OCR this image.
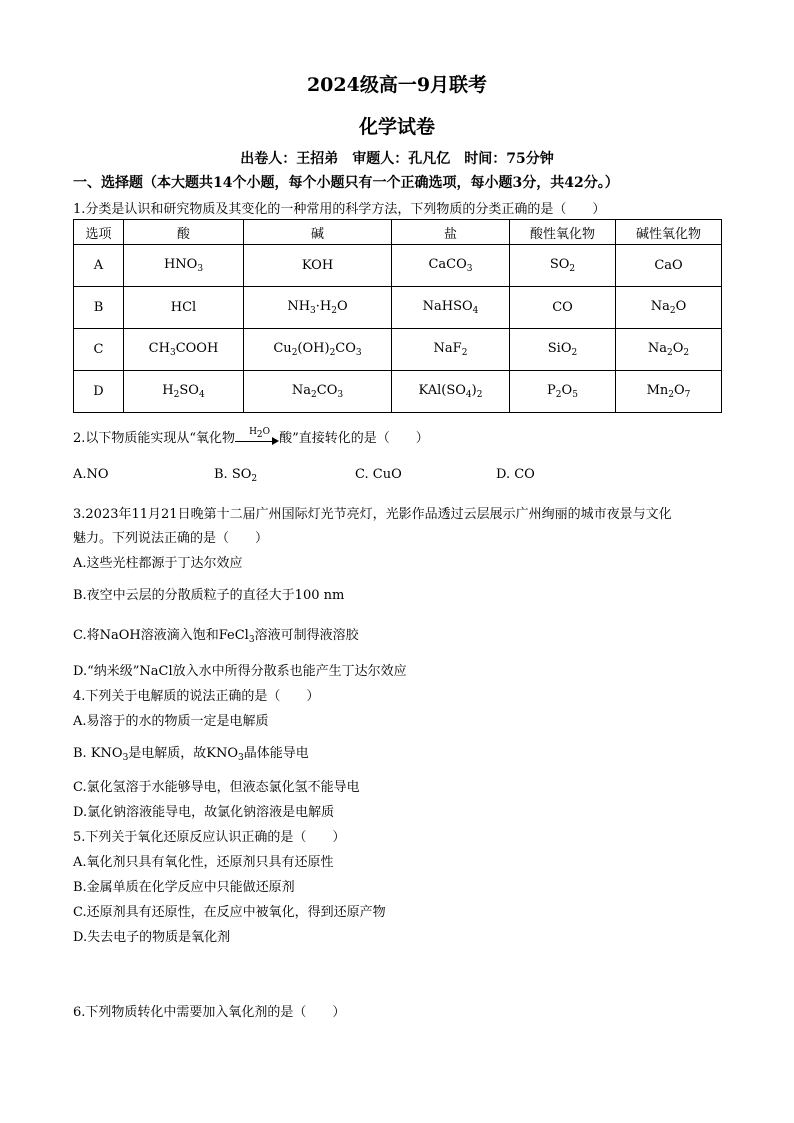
2024级高一9月联考
化学试卷
出卷人：王招弟　审题人：孔凡亿　时间：75分钟
一、选择题（本大题共14个小题，每个小题只有一个正确选项，每小题3分，共42分。）
1.分类是认识和研究物质及其变化的一种常用的科学方法，下列物质的分类正确的是（　　）
选项	酸	碱	盐	酸性氧化物	碱性氧化物
A	$HNO_3$	KOH	CaCO$_3$	$SO_2$	CaO
B	HCl	$NH_3\cdot H_2O$	NaHSO$_4$	CO	$Na_2O$
C	$CH_3COOH$	$Cu_2(OH)_2CO_3$	NaF$_2$	SiO$_2$	$Na_2O_2$
D	$H_2SO_4$	$Na_2CO_3$	$KAl(SO_4)_2$	$P_2O_5$	$Mn_2O_7$
2.以下物质能实现从“氧化物 H2O 酸”直接转化的是（　　）
A.NO	B. $SO_2$	C. CuO	D. CO
3.2023年11月21日晚第十二届广州国际灯光节亮灯，光影作品透过云层展示广州绚丽的城市夜景与文化
魅力。下列说法正确的是（　　）
A.这些光柱都源于丁达尔效应
B.夜空中云层的分散质粒子的直径大于100 nm
C.将NaOH溶液滴入饱和FeCl$_3$溶液可制得液溶胶
D.“纳米级”NaCl放入水中所得分散系也能产生丁达尔效应
4.下列关于电解质的说法正确的是（　　）
A.易溶于的水的物质一定是电解质
B. $KNO_3$是电解质，故$KNO_3$晶体能导电
C.氯化氢溶于水能够导电，但液态氯化氢不能导电
D.氯化钠溶液能导电，故氯化钠溶液是电解质
5.下列关于氧化还原反应认识正确的是（　　）
A.氧化剂只具有氧化性，还原剂只具有还原性
B.金属单质在化学反应中只能做还原剂
C.还原剂具有还原性，在反应中被氧化，得到还原产物
D.失去电子的物质是氧化剂
6.下列物质转化中需要加入氧化剂的是（　　）
